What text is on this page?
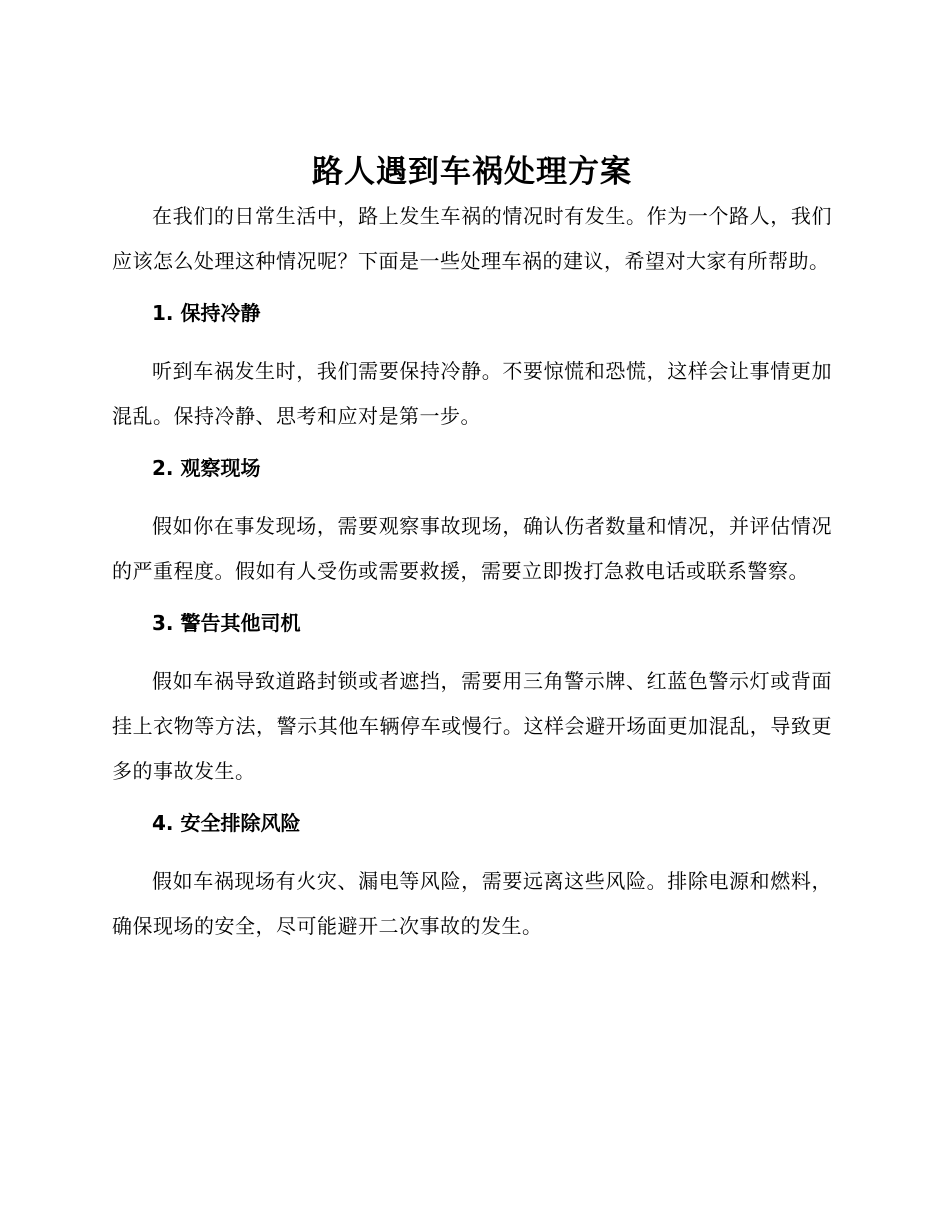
路人遇到车祸处理方案

在我们的日常生活中，路上发生车祸的情况时有发生。作为一个路人，我们应该怎么处理这种情况呢？下面是一些处理车祸的建议，希望对大家有所帮助。

1. 保持冷静

听到车祸发生时，我们需要保持冷静。不要惊慌和恐慌，这样会让事情更加混乱。保持冷静、思考和应对是第一步。

2. 观察现场

假如你在事发现场，需要观察事故现场，确认伤者数量和情况，并评估情况的严重程度。假如有人受伤或需要救援，需要立即拨打急救电话或联系警察。

3. 警告其他司机

假如车祸导致道路封锁或者遮挡，需要用三角警示牌、红蓝色警示灯或背面挂上衣物等方法，警示其他车辆停车或慢行。这样会避开场面更加混乱，导致更多的事故发生。

4. 安全排除风险

假如车祸现场有火灾、漏电等风险，需要远离这些风险。排除电源和燃料，确保现场的安全，尽可能避开二次事故的发生。
